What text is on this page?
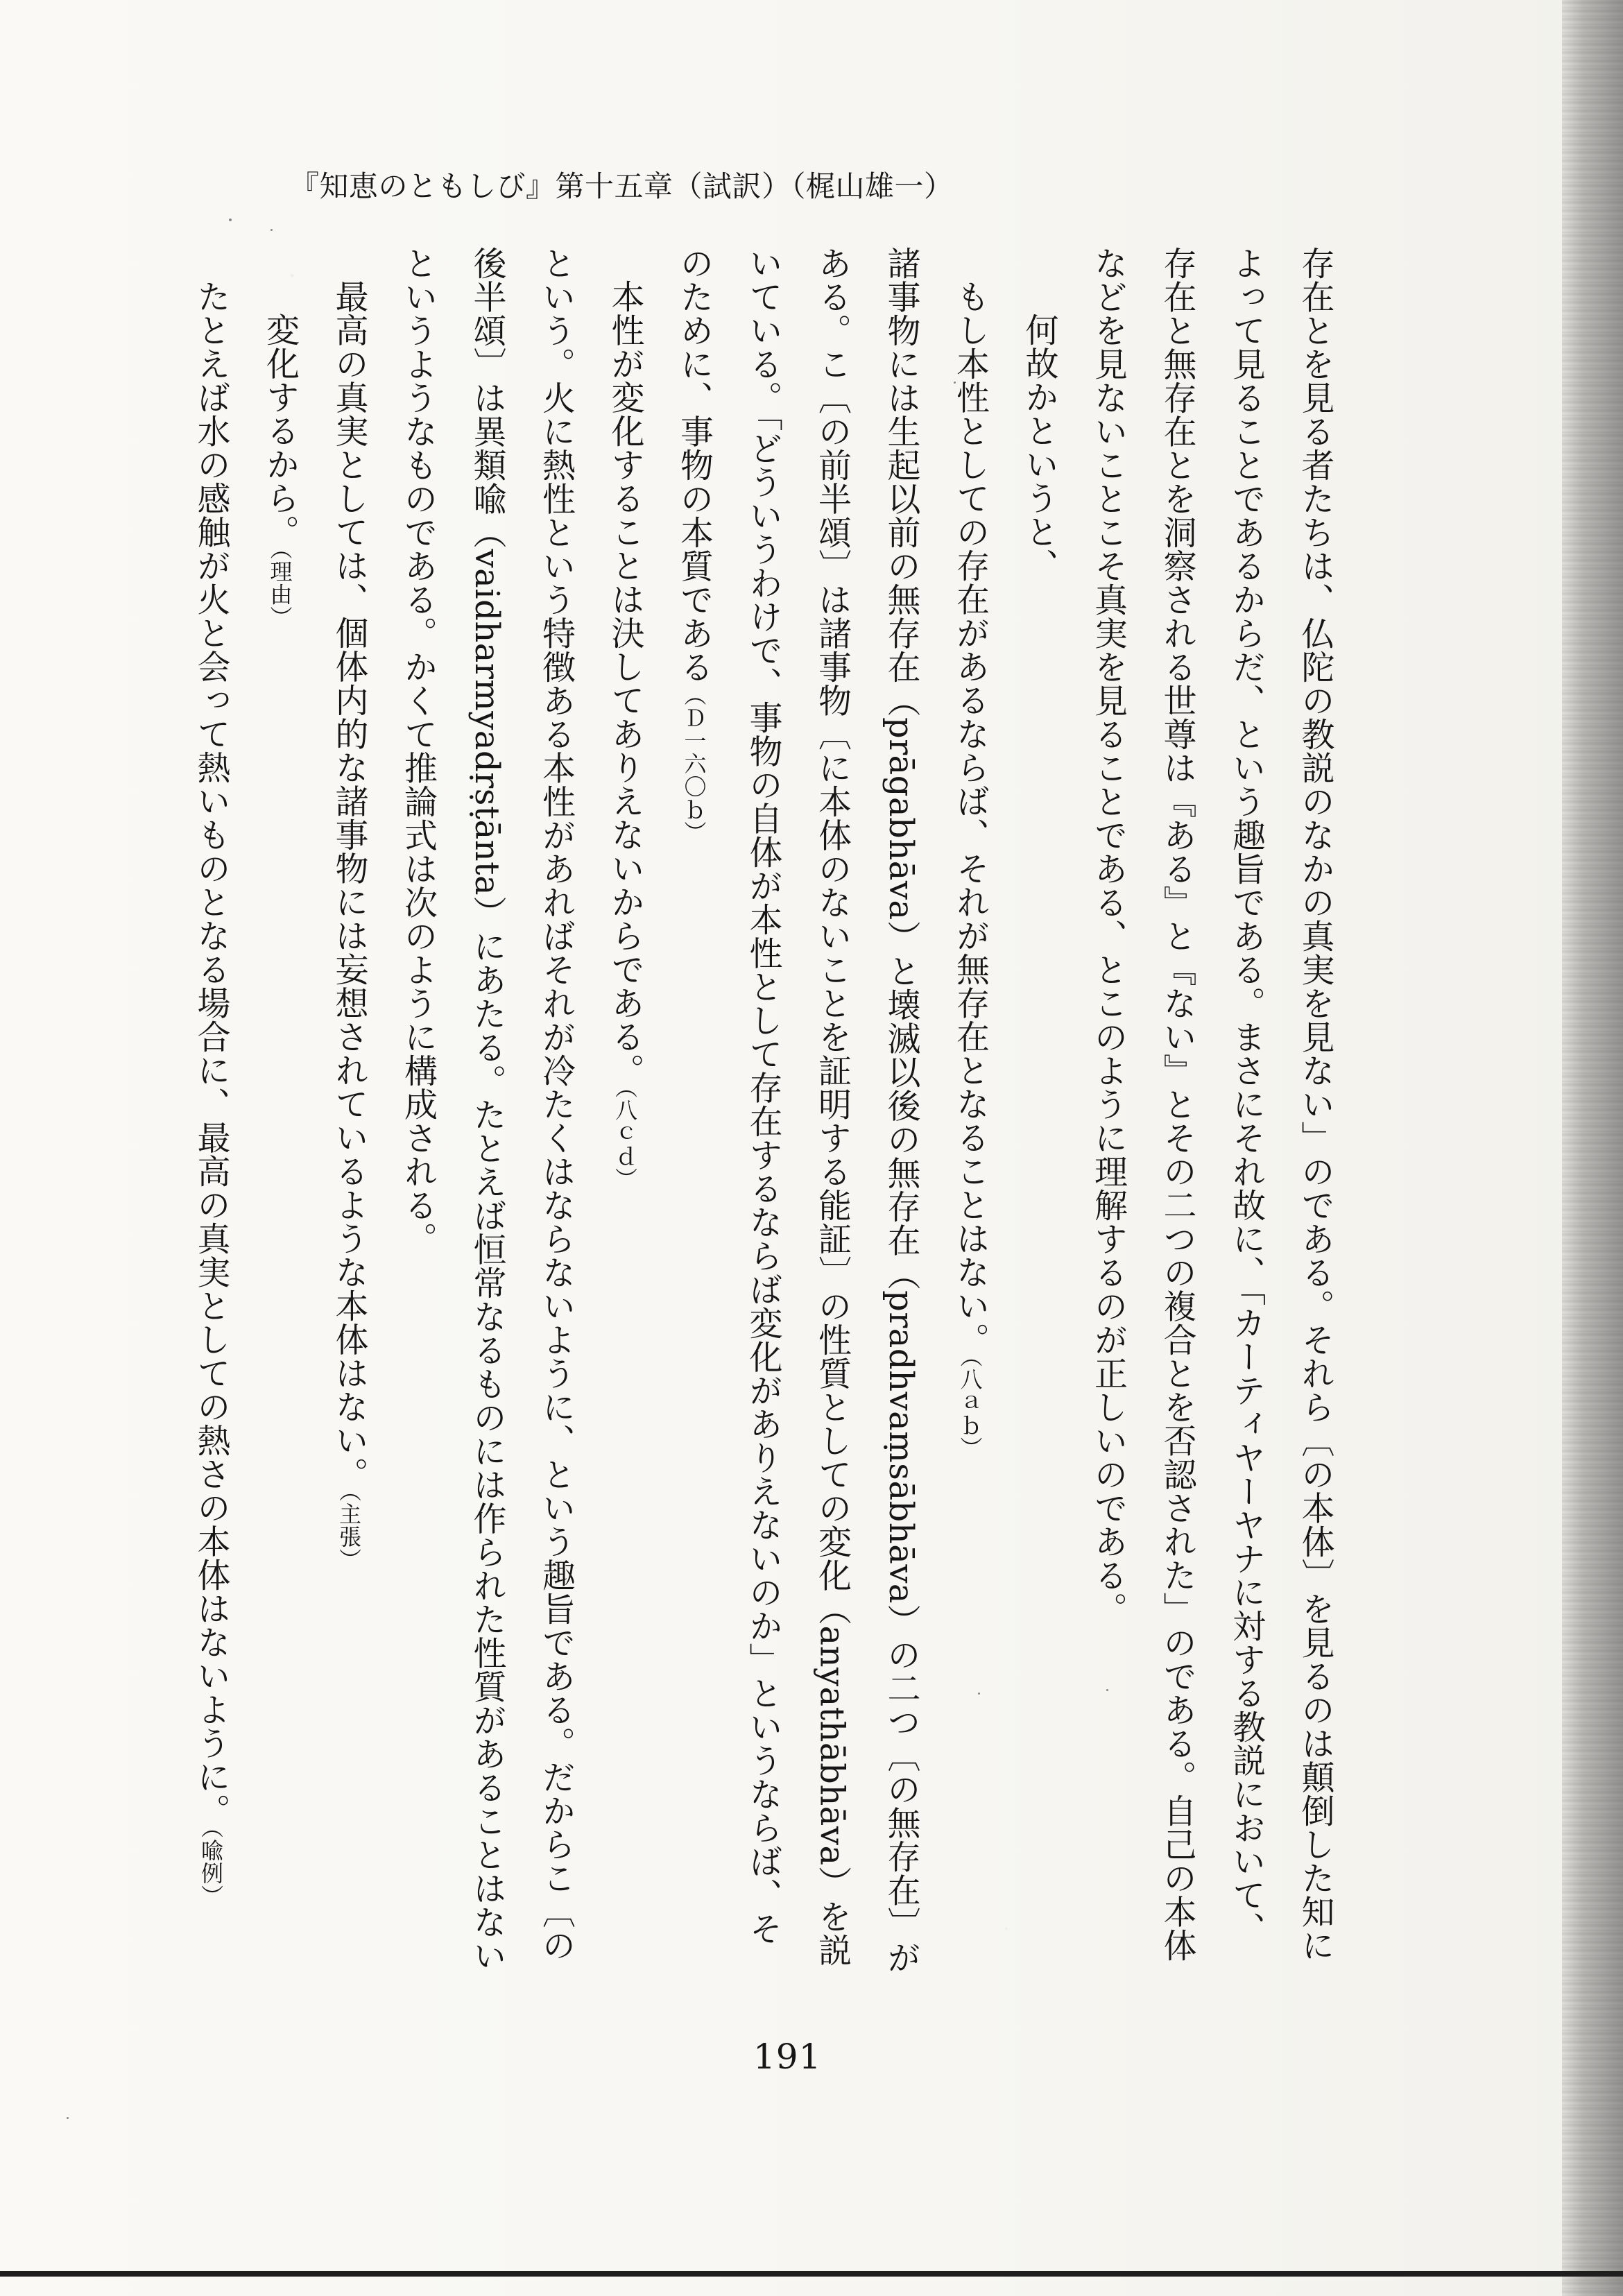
『知恵のともしび』第十五章（試訳）（梶山雄一）
存在とを見る者たちは、仏陀の教説のなかの真実を見ない」のである。それら〔の本体〕を見るのは顛倒した知に
よって見ることであるからだ、という趣旨である。まさにそれ故に、「カーティヤーヤナに対する教説において、
存在と無存在とを洞察される世尊は『ある』と『ない』とその二つの複合とを否認された」のである。自己の本体
などを見ないことこそ真実を見ることである、とこのように理解するのが正しいのである。
何故かというと、
もし本性としての存在があるならば、それが無存在となることはない。（八ａｂ）
諸事物には生起以前の無存在（prāgabhāva）と壊滅以後の無存在（pradhvaṃsābhāva）の二つ〔の無存在〕が
ある。こ〔の前半頌〕は諸事物〔に本体のないことを証明する能証〕の性質としての変化（anyathābhāva）を説
いている。「どういうわけで、事物の自体が本性として存在するならば変化がありえないのか」というならば、そ
のために、事物の本質である（Ｄ一六〇ｂ）
本性が変化することは決してありえないからである。（八ｃｄ）
という。火に熱性という特徴ある本性があればそれが冷たくはならないように、という趣旨である。だからこ〔の
後半頌〕は異類喩（vaidharmyadṛṣṭānta）にあたる。たとえば恒常なるものには作られた性質があることはない
というようなものである。かくて推論式は次のように構成される。
最高の真実としては、個体内的な諸事物には妄想されているような本体はない。（主張）
変化するから。（理由）
たとえば水の感触が火と会って熱いものとなる場合に、最高の真実としての熱さの本体はないように。（喩例）
191
